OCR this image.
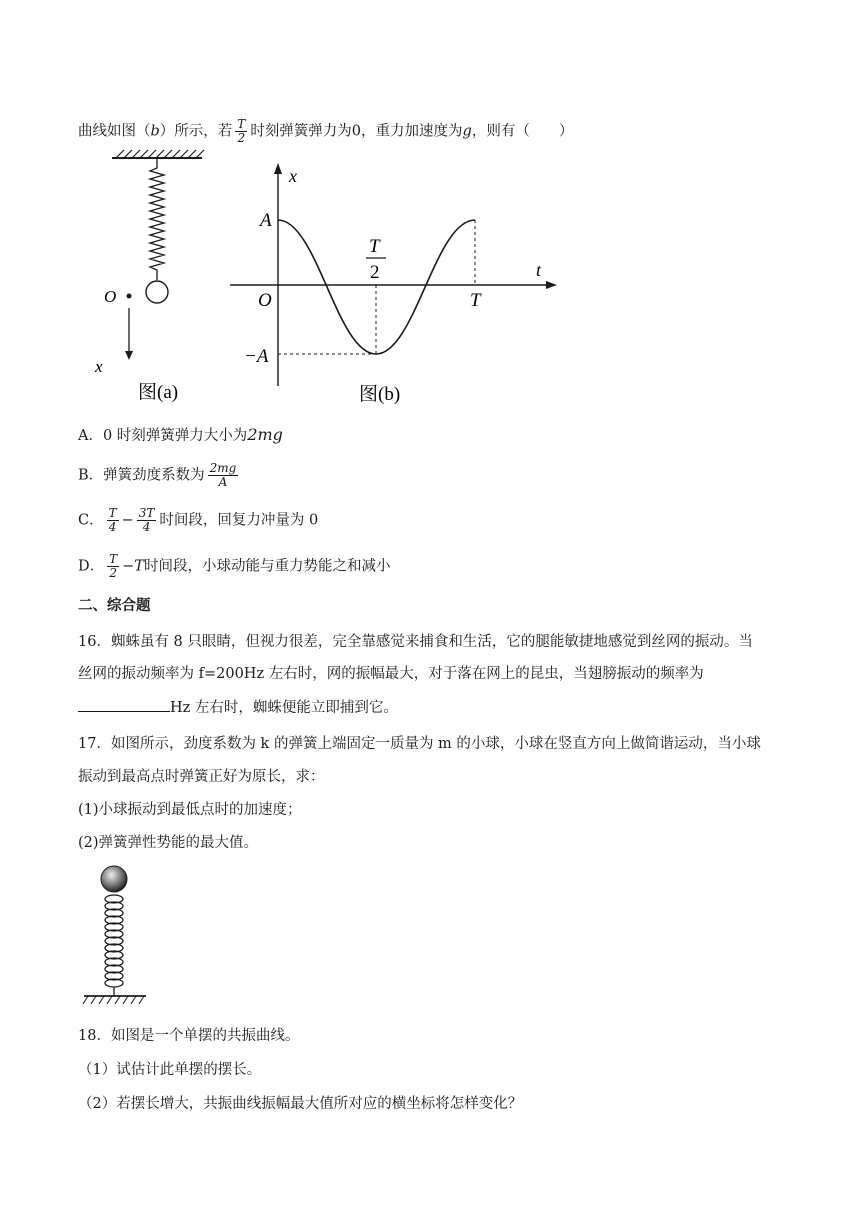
曲线如图（b）所示，若 $\frac{T}{2}$ 时刻弹簧弹力为0，重力加速度为g，则有（　　）
O
x
图(a)
x
t
A
−A
O	T
T
2
图(b)
A．0 时刻弹簧弹力大小为2mg
B．弹簧劲度系数为 $\frac{2mg}{A}$
C． $\frac{T}{4} - \frac{3T}{4}$ 时间段，回复力冲量为 0
D． $\frac{T}{2} -T$时间段，小球动能与重力势能之和减小
二、综合题
16．蜘蛛虽有 8 只眼睛，但视力很差，完全靠感觉来捕食和生活，它的腿能敏捷地感觉到丝网的振动。当
丝网的振动频率为 f=200Hz 左右时，网的振幅最大，对于落在网上的昆虫，当翅膀振动的频率为
Hz 左右时，蜘蛛便能立即捕到它。
17．如图所示，劲度系数为 k 的弹簧上端固定一质量为 m 的小球，小球在竖直方向上做简谐运动，当小球
振动到最高点时弹簧正好为原长，求：
(1)小球振动到最低点时的加速度；
(2)弹簧弹性势能的最大值。
18．如图是一个单摆的共振曲线。
（1）试估计此单摆的摆长。
（2）若摆长增大，共振曲线振幅最大值所对应的横坐标将怎样变化？
